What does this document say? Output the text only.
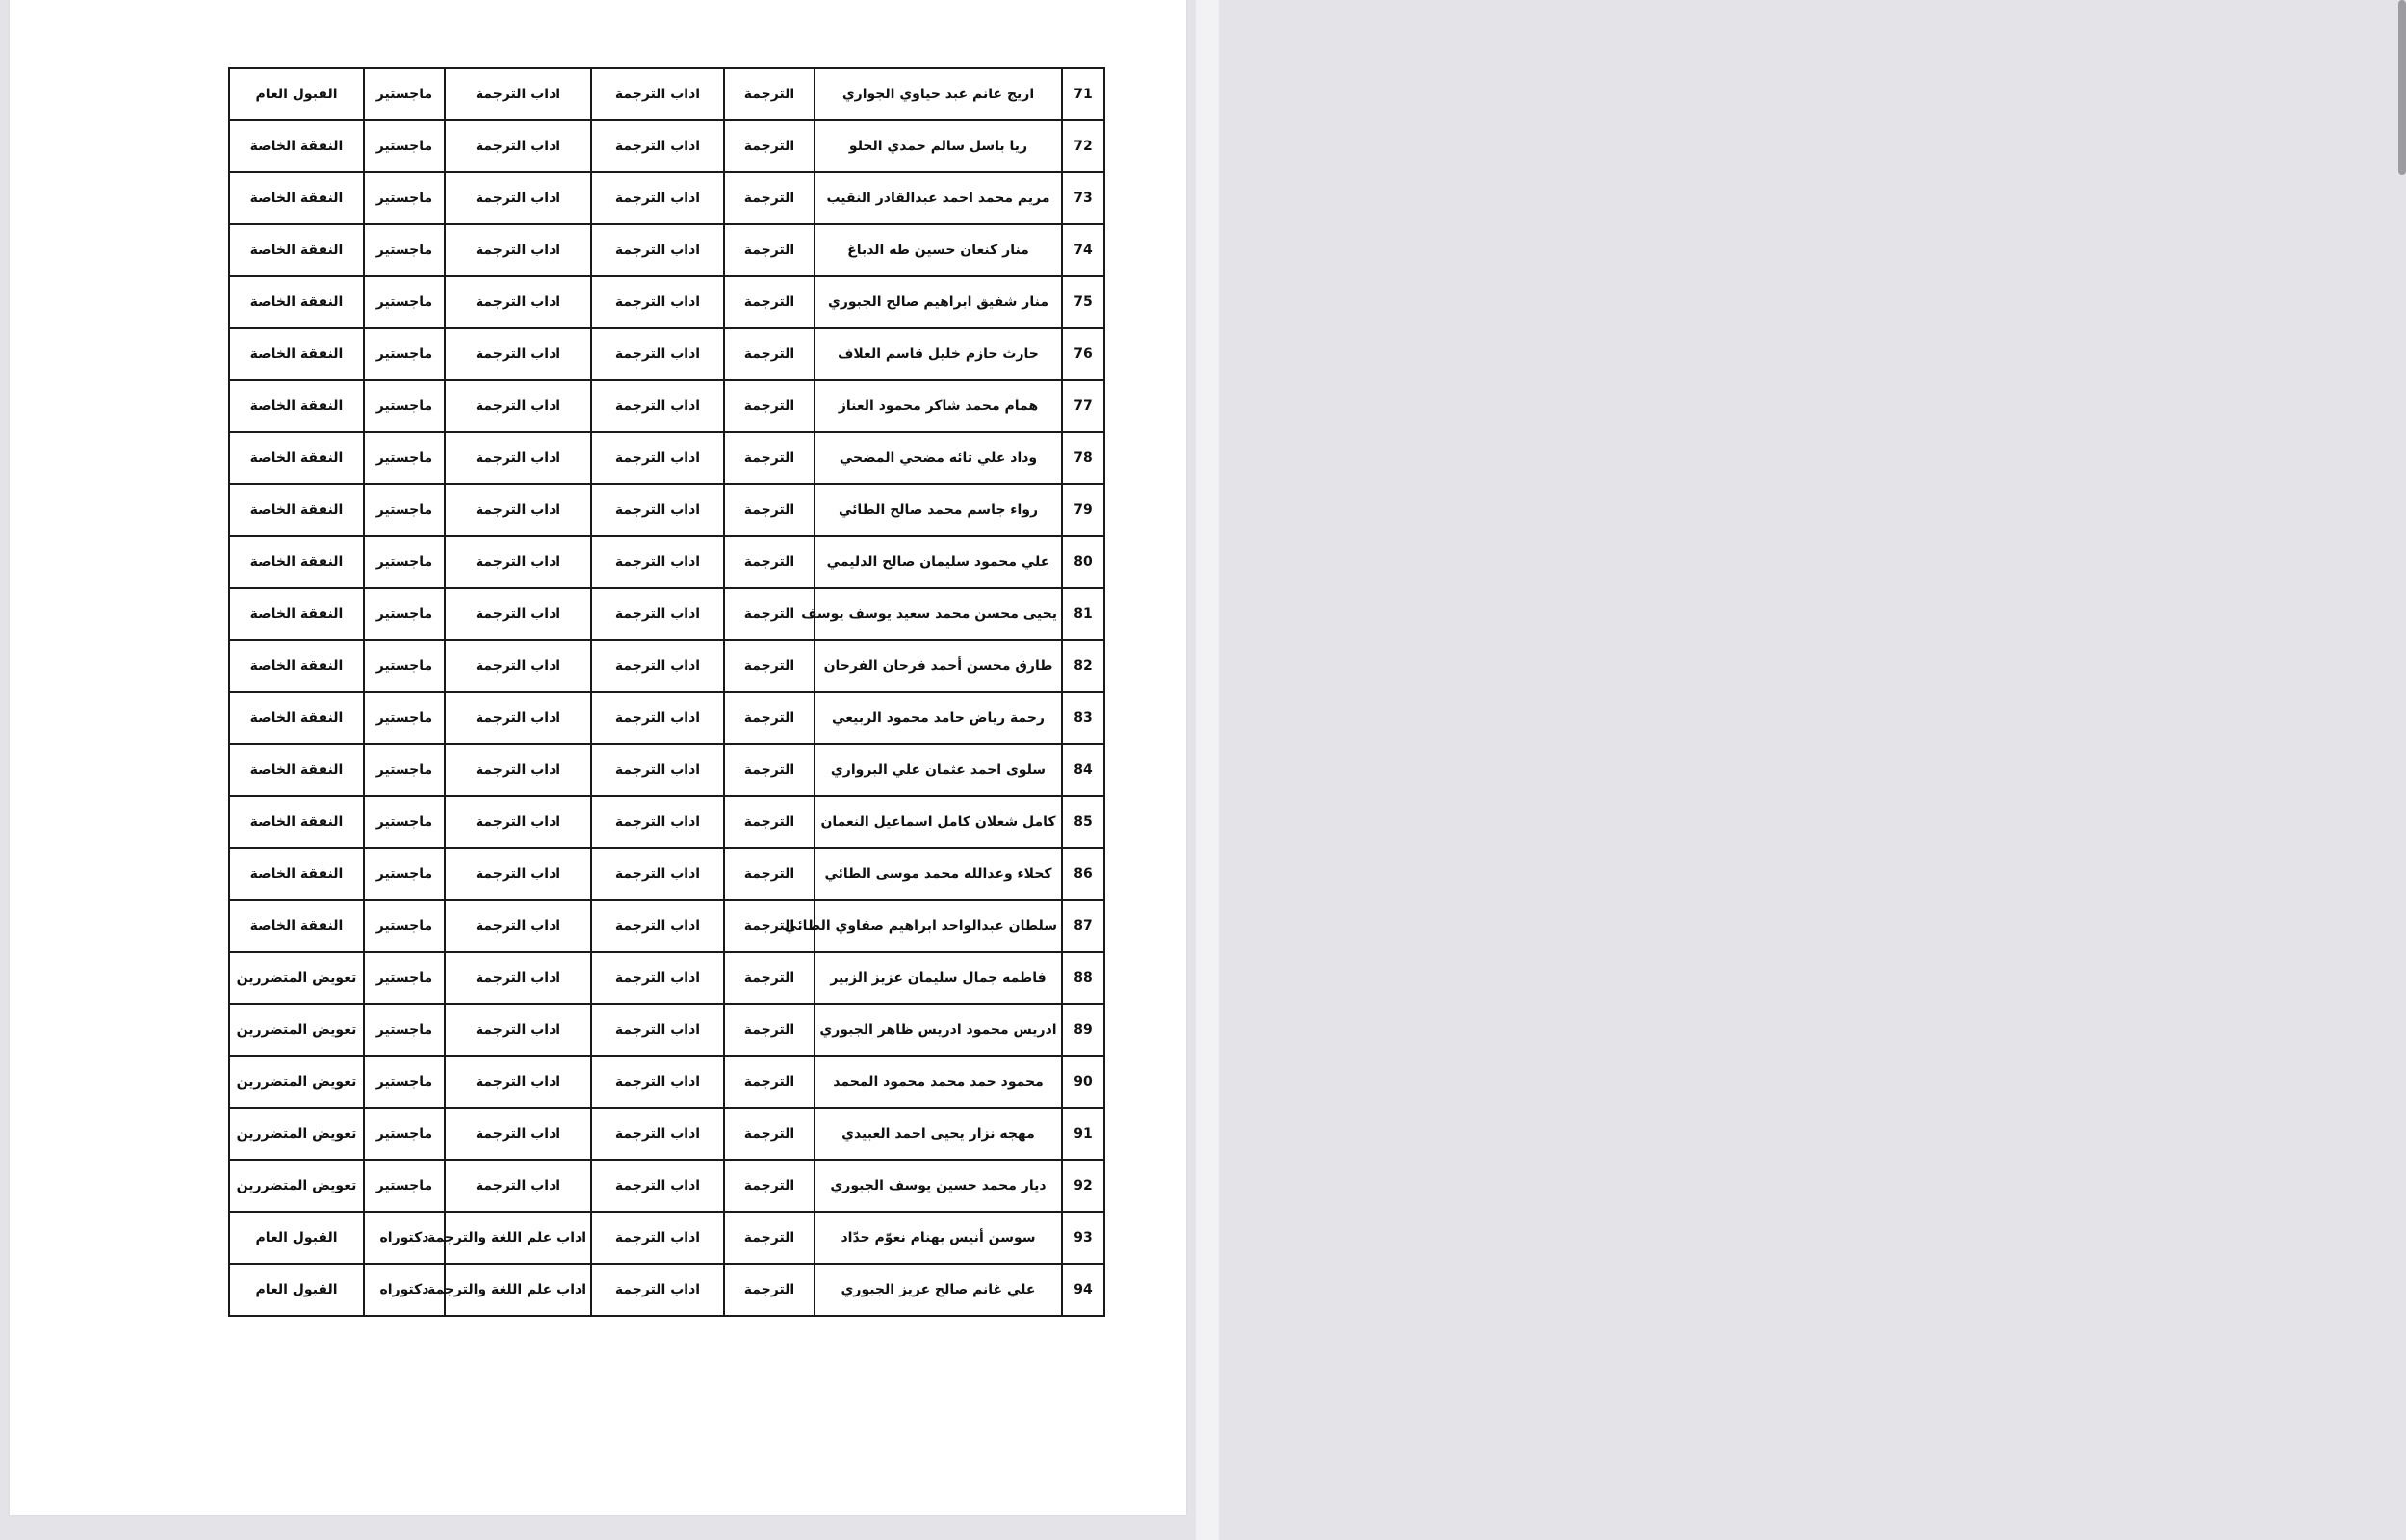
القبول العام	ماجستير	اداب الترجمة	اداب الترجمة	الترجمة	اريج غانم عبد حياوي الجواري	71
النفقة الخاصة	ماجستير	اداب الترجمة	اداب الترجمة	الترجمة	ريا باسل سالم حمدي الحلو	72
النفقة الخاصة	ماجستير	اداب الترجمة	اداب الترجمة	الترجمة	مريم محمد احمد عبدالقادر النقيب	73
النفقة الخاصة	ماجستير	اداب الترجمة	اداب الترجمة	الترجمة	منار كنعان حسين طه الدباغ	74
النفقة الخاصة	ماجستير	اداب الترجمة	اداب الترجمة	الترجمة	منار شفيق ابراهيم صالح الجبوري	75
النفقة الخاصة	ماجستير	اداب الترجمة	اداب الترجمة	الترجمة	حارث حازم خليل قاسم العلاف	76
النفقة الخاصة	ماجستير	اداب الترجمة	اداب الترجمة	الترجمة	همام محمد شاكر محمود العناز	77
النفقة الخاصة	ماجستير	اداب الترجمة	اداب الترجمة	الترجمة	وداد علي تائه مضحي المضحي	78
النفقة الخاصة	ماجستير	اداب الترجمة	اداب الترجمة	الترجمة	رواء جاسم محمد صالح الطائي	79
النفقة الخاصة	ماجستير	اداب الترجمة	اداب الترجمة	الترجمة	علي محمود سليمان صالح الدليمي	80
النفقة الخاصة	ماجستير	اداب الترجمة	اداب الترجمة	الترجمة	يحيى محسن محمد سعيد يوسف يوسف	81
النفقة الخاصة	ماجستير	اداب الترجمة	اداب الترجمة	الترجمة	طارق محسن أحمد فرحان الفرحان	82
النفقة الخاصة	ماجستير	اداب الترجمة	اداب الترجمة	الترجمة	رحمة رياض حامد محمود الربيعي	83
النفقة الخاصة	ماجستير	اداب الترجمة	اداب الترجمة	الترجمة	سلوى احمد عثمان علي البرواري	84
النفقة الخاصة	ماجستير	اداب الترجمة	اداب الترجمة	الترجمة	كامل شعلان كامل اسماعيل النعمان	85
النفقة الخاصة	ماجستير	اداب الترجمة	اداب الترجمة	الترجمة	كحلاء وعدالله محمد موسى الطائي	86
النفقة الخاصة	ماجستير	اداب الترجمة	اداب الترجمة	الترجمة	سلطان عبدالواحد ابراهيم صفاوي الطائي	87
تعويض المتضررين	ماجستير	اداب الترجمة	اداب الترجمة	الترجمة	فاطمه جمال سليمان عزيز الزبير	88
تعويض المتضررين	ماجستير	اداب الترجمة	اداب الترجمة	الترجمة	ادريس محمود ادريس ظاهر الجبوري	89
تعويض المتضررين	ماجستير	اداب الترجمة	اداب الترجمة	الترجمة	محمود حمد محمد محمود المحمد	90
تعويض المتضررين	ماجستير	اداب الترجمة	اداب الترجمة	الترجمة	مهجه نزار يحيى احمد العبيدي	91
تعويض المتضررين	ماجستير	اداب الترجمة	اداب الترجمة	الترجمة	ديار محمد حسين يوسف الجبوري	92
القبول العام	دكتوراه	اداب علم اللغة والترجمة	اداب الترجمة	الترجمة	سوسن أنيس بهنام نعوّم حدّاد	93
القبول العام	دكتوراه	اداب علم اللغة والترجمة	اداب الترجمة	الترجمة	علي غانم صالح عزيز الجبوري	94
